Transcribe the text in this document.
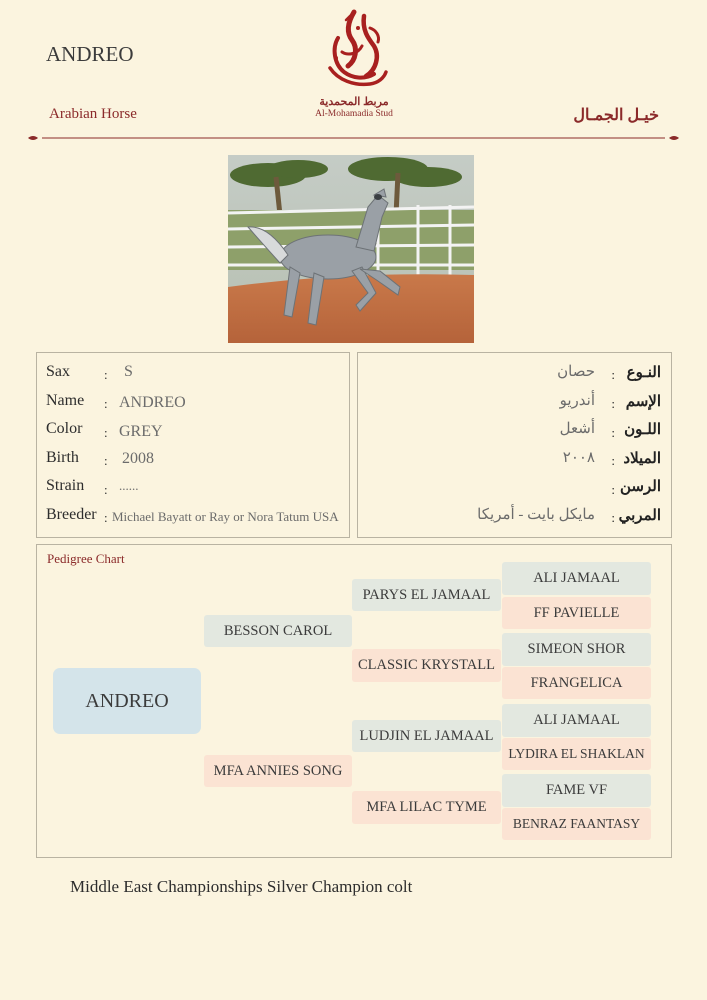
ANDREO
مربط المحمدية
Al-Mohamadia Stud
Arabian Horse	خيـل الجمـال
Sax	: S
Name : ANDREO
Color : GREY
Birth : 2008
Strain : ......
Breeder : Michael Bayatt or Ray or Nora Tatum USA
النـوع
:
حصان
الإسم
:
أندريو
اللـون
:
أشعل
الميلاد
:
٢٠٠٨
الرسن
:
المربي
:
مايكل بايت - أمريكا
Pedigree Chart
ANDREO
BESSON CAROL
MFA ANNIES SONG
PARYS EL JAMAAL
CLASSIC KRYSTALL
LUDJIN EL JAMAAL
MFA LILAC TYME
ALI JAMAAL
FF PAVIELLE
SIMEON SHOR
FRANGELICA
ALI JAMAAL
LYDIRA EL SHAKLAN
FAME VF
BENRAZ FAANTASY
Middle East Championships Silver Champion colt
